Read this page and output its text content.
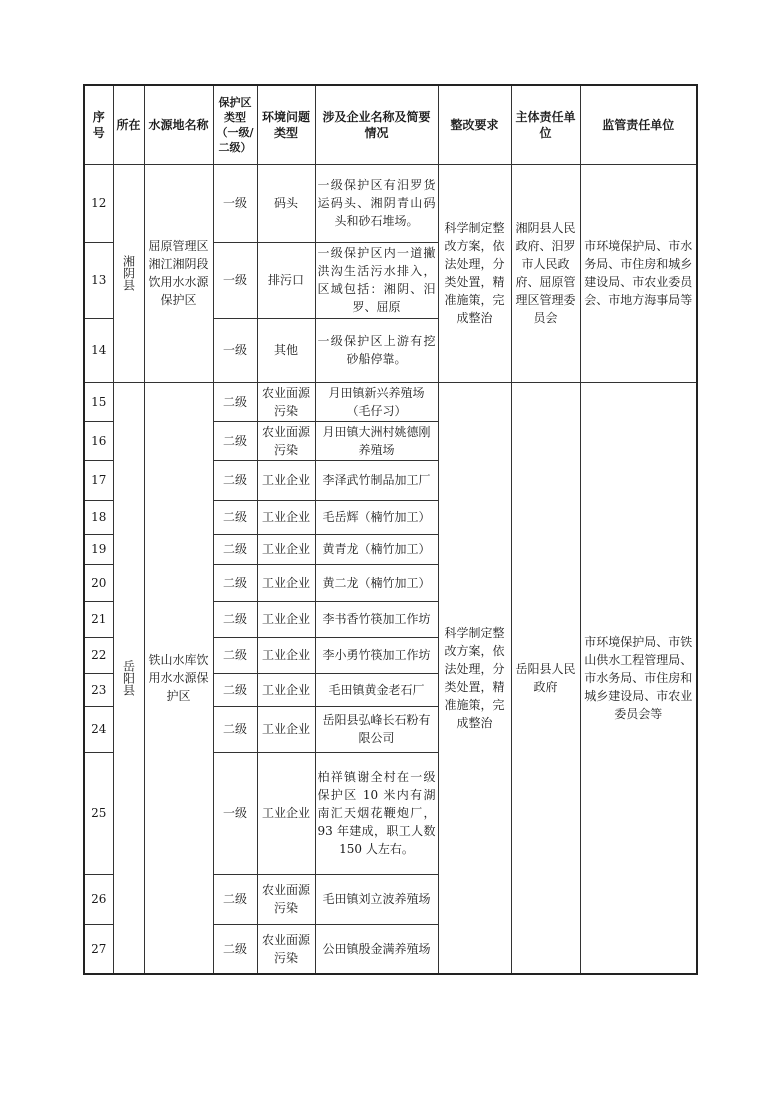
序号	所在	水源地名称	保护区类型（一级/二级）	环境问题类型	涉及企业名称及简要情况	整改要求	主体责任单位	监管责任单位
12	湘阴县	屈原管理区湘江湘阴段饮用水水源保护区	一级	码头	一级保护区有汨罗货运码头、湘阴青山码头和砂石堆场。	科学制定整改方案，依法处理，分类处置，精准施策，完成整治	湘阴县人民政府、汨罗市人民政府、屈原管理区管理委员会	市环境保护局、市水务局、市住房和城乡建设局、市农业委员会、市地方海事局等
13			一级	排污口	一级保护区内一道撇洪沟生活污水排入，区域包括：湘阴、汨罗、屈原			
14			一级	其他	一级保护区上游有挖砂船停靠。			
15	岳阳县	铁山水库饮用水水源保护区	二级	农业面源污染	月田镇新兴养殖场（毛仔习）	科学制定整改方案，依法处理，分类处置，精准施策，完成整治	岳阳县人民政府	市环境保护局、市铁山供水工程管理局、市水务局、市住房和城乡建设局、市农业委员会等
16			二级	农业面源污染	月田镇大洲村姚德刚养殖场			
17			二级	工业企业	李泽武竹制品加工厂			
18			二级	工业企业	毛岳辉（楠竹加工）			
19			二级	工业企业	黄青龙（楠竹加工）			
20			二级	工业企业	黄二龙（楠竹加工）			
21			二级	工业企业	李书香竹筷加工作坊			
22			二级	工业企业	李小勇竹筷加工作坊			
23			二级	工业企业	毛田镇黄金老石厂			
24			二级	工业企业	岳阳县弘峰长石粉有限公司			
25			一级	工业企业	柏祥镇谢全村在一级保护区 10 米内有湖南汇天烟花鞭炮厂，93 年建成，职工人数 150 人左右。			
26			二级	农业面源污染	毛田镇刘立波养殖场			
27			二级	农业面源污染	公田镇殷金满养殖场			
